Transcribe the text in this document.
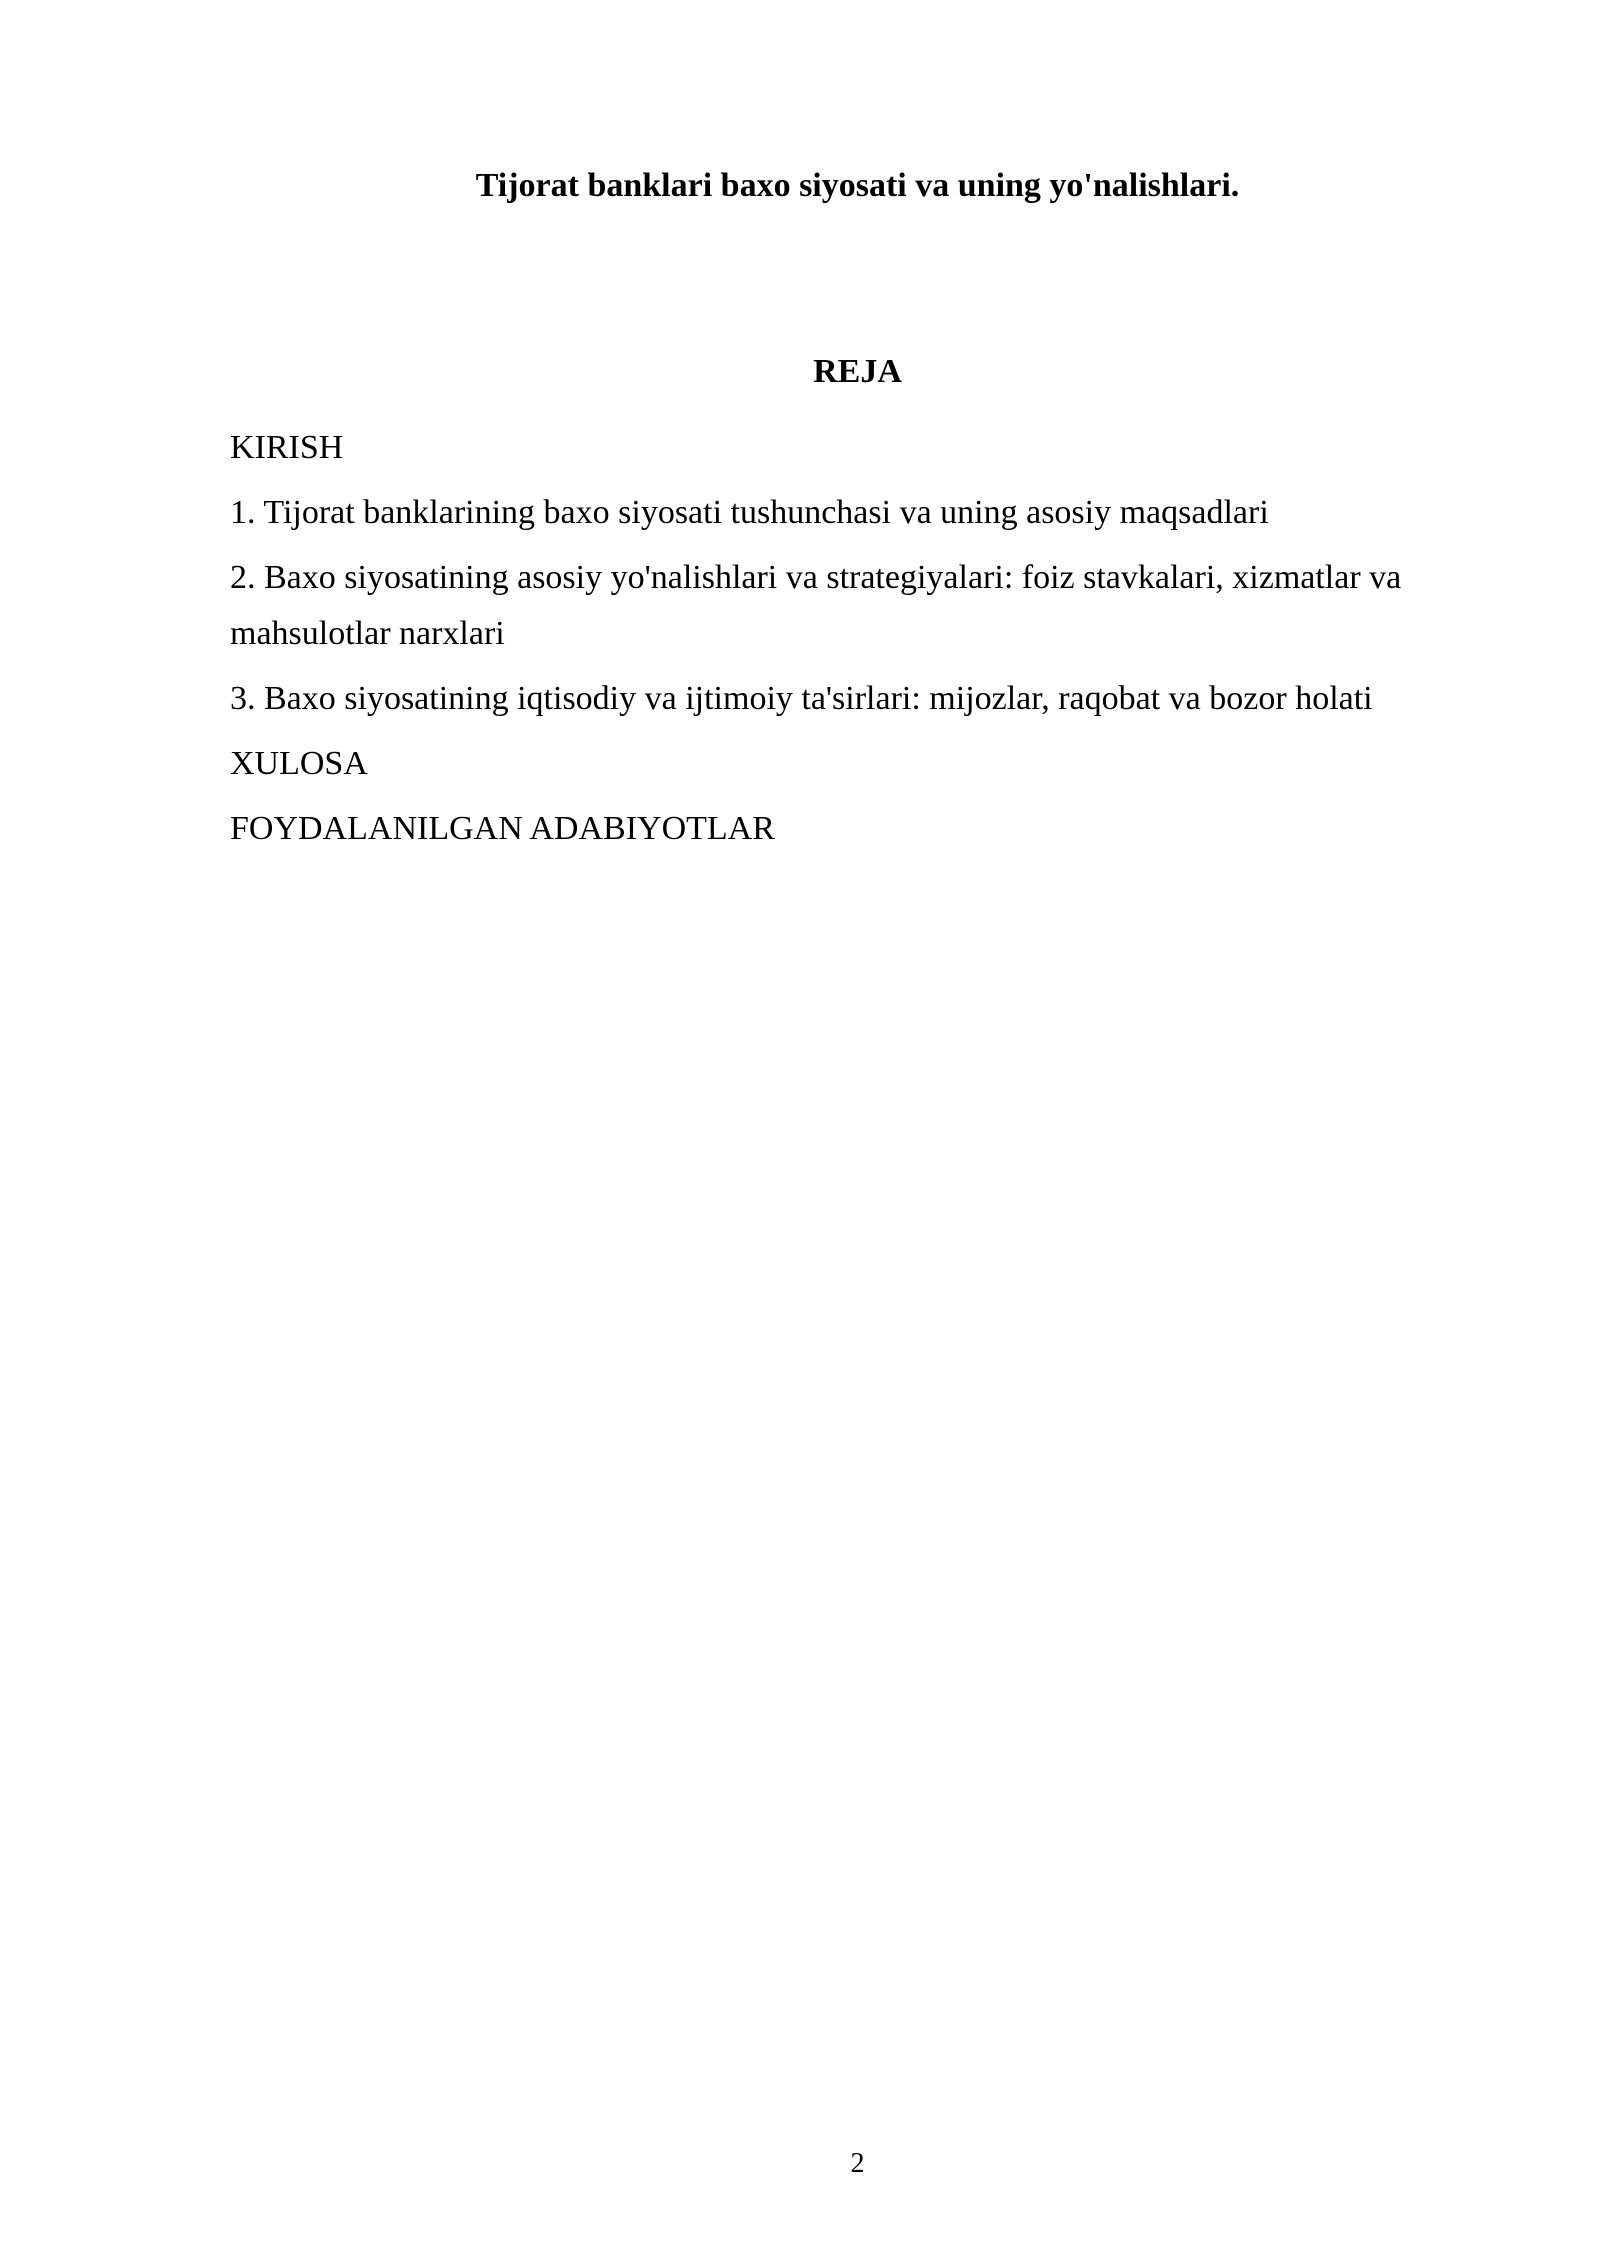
Tijorat banklari baxo siyosati va uning yo'nalishlari.
REJA
KIRISH
1. Tijorat banklarining baxo siyosati tushunchasi va uning asosiy maqsadlari
2. Baxo siyosatining asosiy yo'nalishlari va strategiyalari: foiz stavkalari, xizmatlar va mahsulotlar narxlari
3. Baxo siyosatining iqtisodiy va ijtimoiy ta'sirlari: mijozlar, raqobat va bozor holati
XULOSA
FOYDALANILGAN ADABIYOTLAR
2
